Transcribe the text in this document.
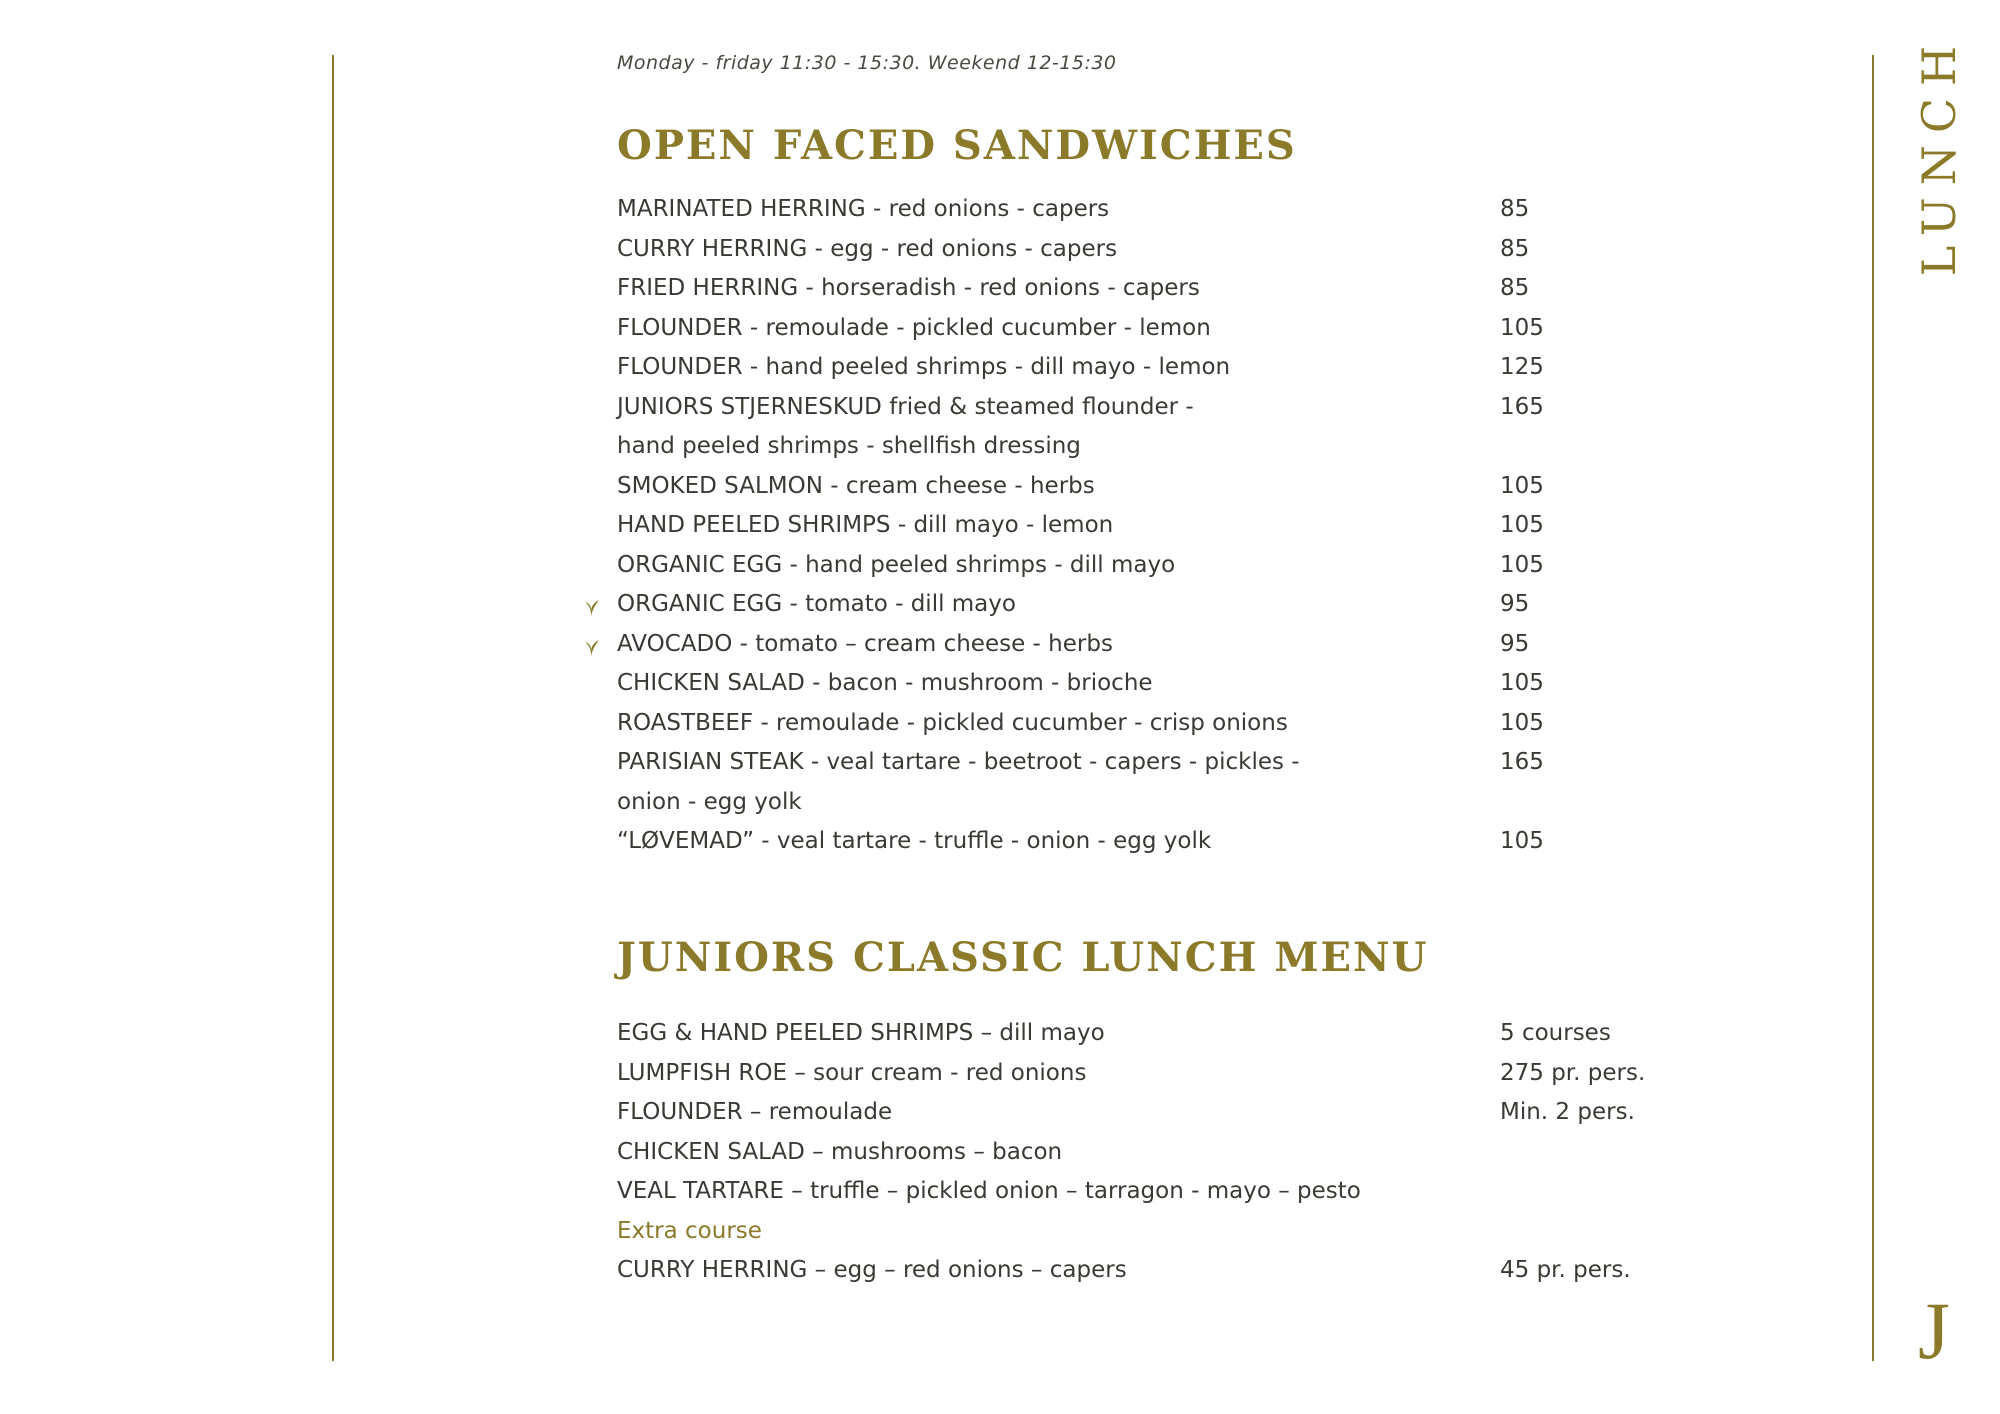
LUNCH
J
Monday - friday 11:30 - 15:30. Weekend 12-15:30
OPEN FACED SANDWICHES
MARINATED HERRING - red onions - capers	85
CURRY HERRING - egg - red onions - capers	85
FRIED HERRING - horseradish - red onions - capers	85
FLOUNDER - remoulade - pickled cucumber - lemon	105
FLOUNDER - hand peeled shrimps - dill mayo - lemon	125
JUNIORS STJERNESKUD fried & steamed flounder -	165
hand peeled shrimps - shellfish dressing
SMOKED SALMON - cream cheese - herbs	105
HAND PEELED SHRIMPS - dill mayo - lemon	105
ORGANIC EGG - hand peeled shrimps - dill mayo	105
ORGANIC EGG - tomato - dill mayo	95
AVOCADO - tomato – cream cheese - herbs	95
CHICKEN SALAD - bacon - mushroom - brioche	105
ROASTBEEF - remoulade - pickled cucumber - crisp onions	105
PARISIAN STEAK - veal tartare - beetroot - capers - pickles -	165
onion - egg yolk
“LØVEMAD” - veal tartare - truffle - onion - egg yolk	105
JUNIORS CLASSIC LUNCH MENU
EGG & HAND PEELED SHRIMPS – dill mayo	5 courses
LUMPFISH ROE – sour cream - red onions	275 pr. pers.
FLOUNDER – remoulade	Min. 2 pers.
CHICKEN SALAD – mushrooms – bacon
VEAL TARTARE – truffle – pickled onion – tarragon - mayo – pesto
Extra course
CURRY HERRING – egg – red onions – capers	45 pr. pers.
